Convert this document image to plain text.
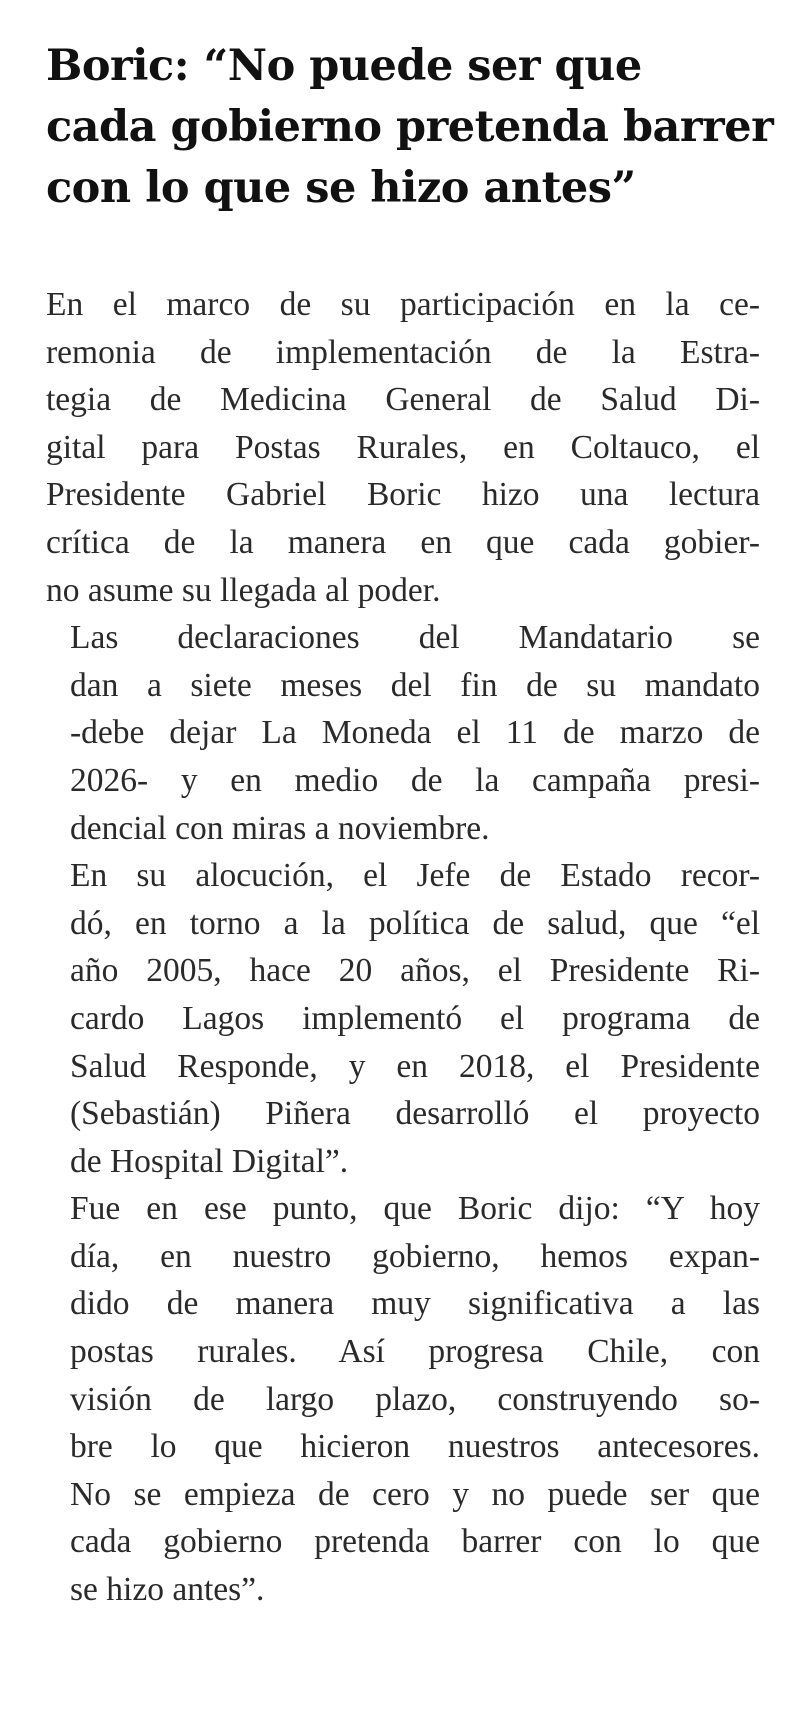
Boric: “No puede ser que
cada gobierno pretenda barrer
con lo que se hizo antes”

En el marco de su participación en la ce-
remonia de implementación de la Estra-
tegia de Medicina General de Salud Di-
gital para Postas Rurales, en Coltauco, el
Presidente Gabriel Boric hizo una lectura
crítica de la manera en que cada gobier-
no asume su llegada al poder.

Las declaraciones del Mandatario se
dan a siete meses del fin de su mandato
-debe dejar La Moneda el 11 de marzo de
2026- y en medio de la campaña presi-
dencial con miras a noviembre.

En su alocución, el Jefe de Estado recor-
dó, en torno a la política de salud, que “el
año 2005, hace 20 años, el Presidente Ri-
cardo Lagos implementó el programa de
Salud Responde, y en 2018, el Presidente
(Sebastián) Piñera desarrolló el proyecto
de Hospital Digital”.

Fue en ese punto, que Boric dijo: “Y hoy
día, en nuestro gobierno, hemos expan-
dido de manera muy significativa a las
postas rurales. Así progresa Chile, con
visión de largo plazo, construyendo so-
bre lo que hicieron nuestros antecesores.
No se empieza de cero y no puede ser que
cada gobierno pretenda barrer con lo que
se hizo antes”.
